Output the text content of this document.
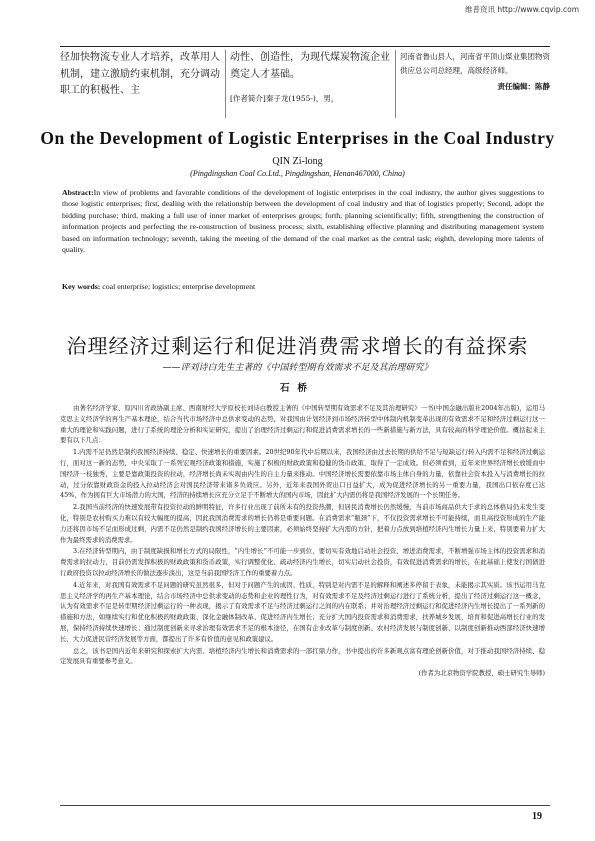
维普资讯 http://www.cqvip.com
径加快物流专业人才培养，改革用人机制，建立激励约束机制，充分调动职工的积极性、主
动性、创造性，为现代煤炭物流企业奠定人才基础。
[作者简介]秦子龙(1955-)，男，
河南省鲁山县人，河南省平顶山煤业集团物资供应总公司总经理，高级经济师。
责任编辑：陈静
On the Development of Logistic Enterprises in the Coal Industry
QIN Zi-long
(Pingdingshan Coal Co.Ltd., Pingdingshan, Henan467000, China)
Abstract:In view of problems and favorable conditions of the development of logistic enterprises in the coal industry, the author gives suggestions to those logistic enterprises; first, dealing with the relationship between the development of coal industry and that of logistics properly; Second, adopt the bidding purchase; third, making a full use of inner market of enterprises groups; forth, planning scientifically; fifth, strengthening the construction of information projects and perfecting the re-construction of business process; sixth, establishing effective planning and distributing management system based on information technology; seventh, taking the meeting of the demand of the coal market as the central task; eighth, developing more talents of quality.
Key words: coal enterprise; logistics; enterprise development
治理经济过剩运行和促进消费需求增长的有益探索
——评刘诗白先生主著的《中国转型期有效需求不足及其治理研究》
石桥

由著名经济学家、原四川省政协副主席、西南财经大学原校长刘诗白教授主著的《中国转型期有效需求不足及其治理研究》一书(中国金融出版社2004年出版)，运用马克思主义经济学的再生产基本理论，结合当代市场经济中总供求变动的态势，对我国由计划经济到市场经济转型中体制内机制变革出现的有效需求不足和经济过剩运行这一重大的理论和实践问题，进行了系统的理论分析和实证研究，提出了治理经济过剩运行和促进消费需求增长的一些新措施与新方法，具有较高的科学理论价值。概括起来主要有以下几点：

1.内需不足仍然是制约我国经济持续、稳定、快速增长的重要因素。20世纪90年代中后期以来，我国经济由过去长期的供给不足与短缺运行转入内需不足和经济过剩运行，面对这一新的态势，中央采取了一系列宏观经济政策和措施，实施了积极的财政政策和稳健的货币政策，取得了一定成效。但必须看到，近年来世界经济增长放缓而中国经济一枝独秀，主要是靠政策投资的拉动，经济增长尚未实现由内生的自主力量来推动。中国经济增长需要依靠市场主体自身的力量，依靠社会资本投入与消费增长的拉动，过分依靠财政资金的投入拉动经济会对国民经济带来诸多负效应。另外，近年来我国外贸出口日益扩大，成为促进经济增长的另一重要力量，我国出口依存度已达45%，作为拥有巨大市场潜力的大国，经济的持续增长应充分立足于不断增大的国内市场，因此扩大内需仍将是我国经济发展的一个长期任务。

2.我国当前经济的快速发展带有投资拉动的鲜明特征，许多行业出现了前所未有的投资热潮，但居民消费增长仍然缓慢，当前市场商品供大于求的总体格局仍未发生变化，特别是农村购买力难以有较大幅度的提高，因此我国消费需求的增长仍将是重要问题。在消费需求“瓶颈”下，不仅投资需求增长不可能持续，而且高投资形成的生产能力还将因市场不足而形成过剩，内需不足仍然是制约我国经济增长的主要因素，必须始终坚持扩大内需的方针，把着力点放到培植经济内生增长力量上来，特别要着力扩大作为最终需求的消费需求。

3.在经济转型期内，由于制度缺损和增长方式的局限性，“内生增长”不可能一步到位，要切实有效地启动社会投资、增进消费需求，不断增强市场主体的投资需求和消费需求的拉动力，目前仍需发挥积极的财政政策和货币政策，实行调整优化、疏动经济内生增长，切实启动社会投资，有效促进消费需求的增长，在此基础上使发行国债进行政府投资以拉动经济增长的做法逐步淡出，这是当前我国经济工作的重要着力点。

4.近年来，对我国有效需求不足问题的研究虽然很多，但对于问题产生的成因、性质，特别是对内需不足的解释和阐述多停留于表象，未能揭示其实质。该书运用马克思主义经济学的再生产基本理论，结合市场经济中总供求变动的态势和企业的理性行为，对有效需求不足及经济过剩运行进行了系统分析，提出了经济过剩运行这一概念，认为有效需求不足是转型期经济过剩运行的一种表现，揭示了有效需求不足与经济过剩运行之间的内在联系；并对治理经济过剩运行和促进经济内生增长提出了一系列新的措施和方法，如继续实行和优化积极的财政政策、深化金融体制改革、促进经济内生增长；充分扩大国内投资需求和消费需求，扶养城乡发展，培育和促进高增长行业的发展，保持经济持续快速增长；通过制度创新来寻求治理有效需求不足的根本途径，在国有企业改革与制度创新、农村经济发展与制度创新、以制度创新推动西部经济快速增长、大力促进民营经济发展等方面，都提出了许多有价值的意见和政策建议。

总之，该书是国内近年来研究和探索扩大内需、培植经济内生增长和消费需求的一部扛鼎力作，书中提出的许多新观点富有理论创新价值，对于推动我国经济持续、稳定发展具有重要参考意义。

(作者为北京物资学院教授，硕士研究生导师)
19
